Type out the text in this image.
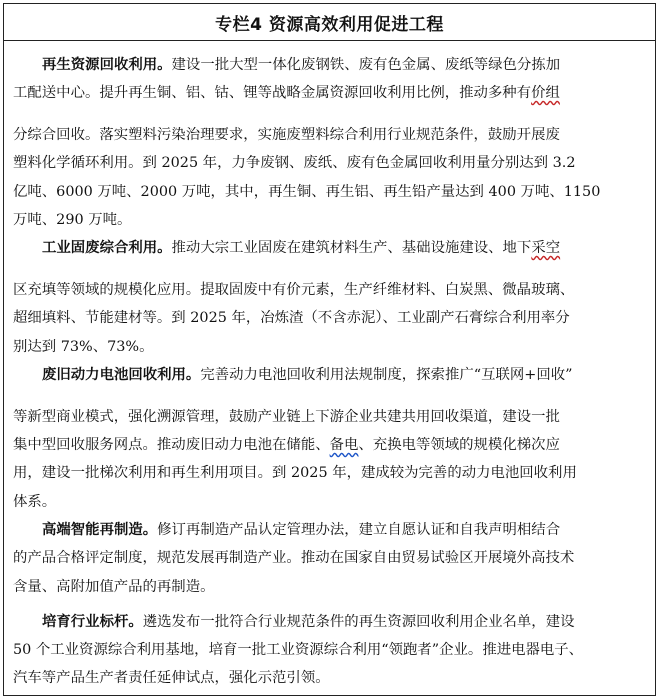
专栏4 资源高效利用促进工程
再生资源回收利用。建设一批大型一体化废钢铁、废有色金属、废纸等绿色分拣加
工配送中心。提升再生铜、铝、钴、锂等战略金属资源回收利用比例，推动多种有价组
分综合回收。落实塑料污染治理要求，实施废塑料综合利用行业规范条件，鼓励开展废
塑料化学循环利用。到 2025 年，力争废钢、废纸、废有色金属回收利用量分别达到 3.2
亿吨、6000 万吨、2000 万吨，其中，再生铜、再生铝、再生铅产量达到 400 万吨、1150
万吨、290 万吨。
工业固废综合利用。推动大宗工业固废在建筑材料生产、基础设施建设、地下采空
区充填等领域的规模化应用。提取固废中有价元素，生产纤维材料、白炭黑、微晶玻璃、
超细填料、节能建材等。到 2025 年，冶炼渣（不含赤泥）、工业副产石膏综合利用率分
别达到 73%、73%。
废旧动力电池回收利用。完善动力电池回收利用法规制度，探索推广“互联网+回收”
等新型商业模式，强化溯源管理，鼓励产业链上下游企业共建共用回收渠道，建设一批
集中型回收服务网点。推动废旧动力电池在储能、备电、充换电等领域的规模化梯次应
用，建设一批梯次利用和再生利用项目。到 2025 年，建成较为完善的动力电池回收利用
体系。
高端智能再制造。修订再制造产品认定管理办法，建立自愿认证和自我声明相结合
的产品合格评定制度，规范发展再制造产业。推动在国家自由贸易试验区开展境外高技术
含量、高附加值产品的再制造。
培育行业标杆。遴选发布一批符合行业规范条件的再生资源回收利用企业名单，建设
50 个工业资源综合利用基地，培育一批工业资源综合利用“领跑者”企业。推进电器电子、
汽车等产品生产者责任延伸试点，强化示范引领。
